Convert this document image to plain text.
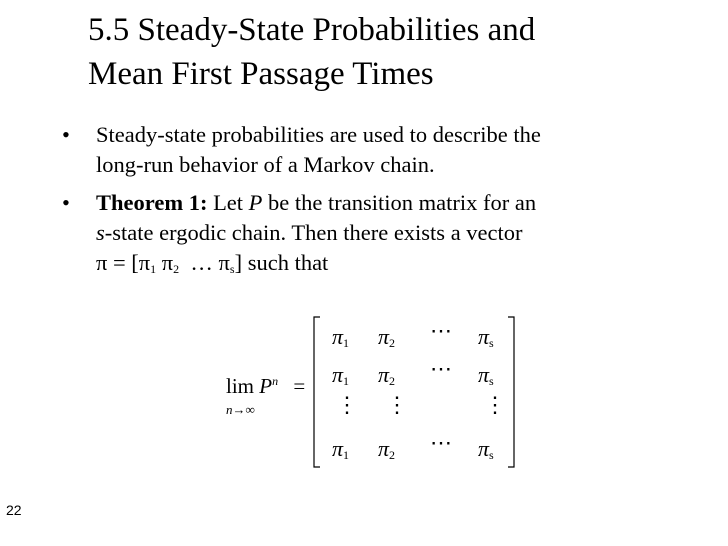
5.5 Steady-State Probabilities and
Mean First Passage Times
• Steady-state probabilities are used to describe the
long-run behavior of a Markov chain.
• Theorem 1: Let P be the transition matrix for an
s-state ergodic chain. Then there exists a vector
$\pi = [\pi_1$ $\pi_2$  … $\pi_s$] such that
$\lim P^n$ =
n→∞
$\pi_1$ $\pi_2$ ⋯ $\pi_s$
$\pi_1$ $\pi_2$ ⋯ $\pi_s$
⋮ ⋮	⋮
$\pi_1$ $\pi_2$ ⋯ $\pi_s$
22
